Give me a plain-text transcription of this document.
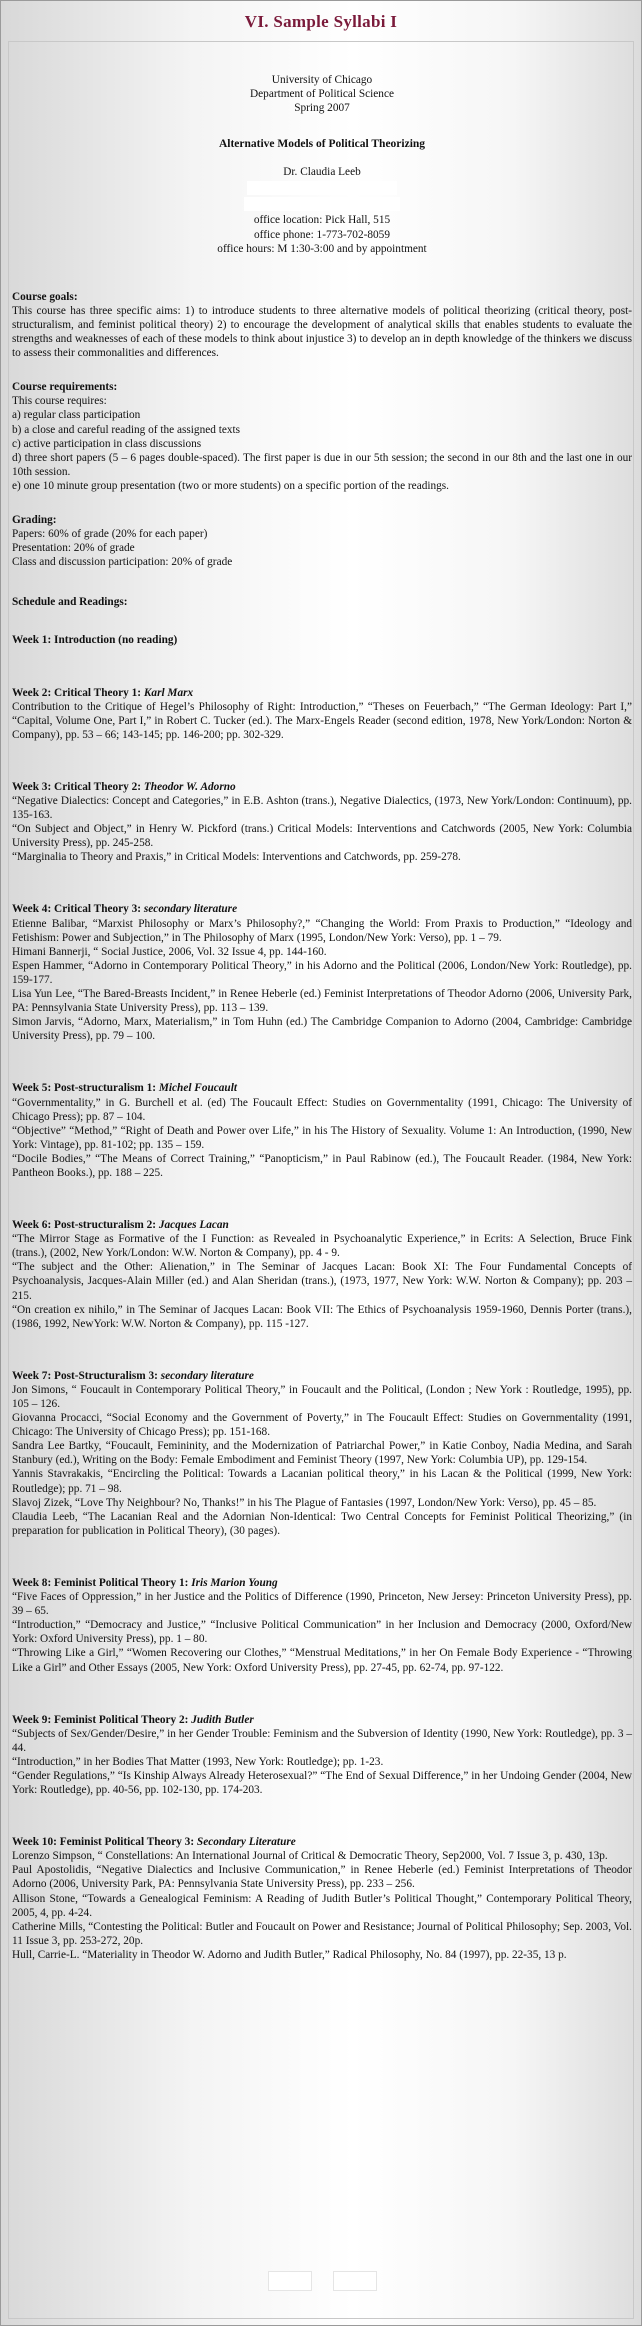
VI. Sample Syllabi I
University of Chicago
Department of Political Science
Spring 2007
Alternative Models of Political Theorizing
Dr. Claudia Leeb
office location: Pick Hall, 515
office phone: 1-773-702-8059
office hours: M 1:30-3:00 and by appointment
Course goals:

This course has three specific aims: 1) to introduce students to three alternative models of political theorizing (critical theory, post-structuralism, and feminist political theory) 2) to encourage the development of analytical skills that enables students to evaluate the strengths and weaknesses of each of these models to think about injustice 3) to develop an in depth knowledge of the thinkers we discuss to assess their commonalities and differences.

Course requirements:
This course requires:
a) regular class participation
b) a close and careful reading of the assigned texts
c) active participation in class discussions
d) three short papers (5 – 6 pages double-spaced). The first paper is due in our 5th session; the second in our 8th and the last one in our 10th session.
e) one 10 minute group presentation (two or more students) on a specific portion of the readings.
Grading:
Papers: 60% of grade (20% for each paper)
Presentation: 20% of grade
Class and discussion participation: 20% of grade
Schedule and Readings:
Week 1: Introduction (no reading)
Week 2: Critical Theory 1: Karl Marx
Contribution to the Critique of Hegel’s Philosophy of Right: Introduction,” “Theses on Feuerbach,” “The German Ideology: Part I,” “Capital, Volume One, Part I,” in Robert C. Tucker (ed.). The Marx-Engels Reader (second edition, 1978, New York/London: Norton & Company), pp. 53 – 66; 143-145; pp. 146-200; pp. 302-329.
Week 3: Critical Theory 2: Theodor W. Adorno
“Negative Dialectics: Concept and Categories,” in E.B. Ashton (trans.), Negative Dialectics, (1973, New York/London: Continuum), pp. 135-163.
“On Subject and Object,” in Henry W. Pickford (trans.) Critical Models: Interventions and Catchwords (2005, New York: Columbia University Press), pp. 245-258.
“Marginalia to Theory and Praxis,” in Critical Models: Interventions and Catchwords, pp. 259-278.
Week 4: Critical Theory 3: secondary literature
Etienne Balibar, “Marxist Philosophy or Marx’s Philosophy?,” “Changing the World: From Praxis to Production,” “Ideology and Fetishism: Power and Subjection,” in The Philosophy of Marx (1995, London/New York: Verso), pp. 1 – 79.
Himani Bannerji, “ Social Justice, 2006, Vol. 32 Issue 4, pp. 144-160.
Espen Hammer, “Adorno in Contemporary Political Theory,” in his Adorno and the Political (2006, London/New York: Routledge), pp. 159-177.
Lisa Yun Lee, “The Bared-Breasts Incident,” in Renee Heberle (ed.) Feminist Interpretations of Theodor Adorno (2006, University Park, PA: Pennsylvania State University Press), pp. 113 – 139.
Simon Jarvis, “Adorno, Marx, Materialism,” in Tom Huhn (ed.) The Cambridge Companion to Adorno (2004, Cambridge: Cambridge University Press), pp. 79 – 100.
Week 5: Post-structuralism 1: Michel Foucault
“Governmentality,” in G. Burchell et al. (ed) The Foucault Effect: Studies on Governmentality (1991, Chicago: The University of Chicago Press); pp. 87 – 104.
“Objective” “Method,” “Right of Death and Power over Life,” in his The History of Sexuality. Volume 1: An Introduction, (1990, New York: Vintage), pp. 81-102; pp. 135 – 159.
“Docile Bodies,” “The Means of Correct Training,” “Panopticism,” in Paul Rabinow (ed.), The Foucault Reader. (1984, New York: Pantheon Books.), pp. 188 – 225.
Week 6: Post-structuralism 2: Jacques Lacan
“The Mirror Stage as Formative of the I Function: as Revealed in Psychoanalytic Experience,” in Ecrits: A Selection, Bruce Fink (trans.), (2002, New York/London: W.W. Norton & Company), pp. 4 - 9.
“The subject and the Other: Alienation,” in The Seminar of Jacques Lacan: Book XI: The Four Fundamental Concepts of Psychoanalysis, Jacques-Alain Miller (ed.) and Alan Sheridan (trans.), (1973, 1977, New York: W.W. Norton & Company); pp. 203 – 215.
“On creation ex nihilo,” in The Seminar of Jacques Lacan: Book VII: The Ethics of Psychoanalysis 1959-1960, Dennis Porter (trans.), (1986, 1992, NewYork: W.W. Norton & Company), pp. 115 -127.
Week 7: Post-Structuralism 3: secondary literature
Jon Simons, “ Foucault in Contemporary Political Theory,” in Foucault and the Political, (London ; New York : Routledge, 1995), pp. 105 – 126.
Giovanna Procacci, “Social Economy and the Government of Poverty,” in The Foucault Effect: Studies on Governmentality (1991, Chicago: The University of Chicago Press); pp. 151-168.
Sandra Lee Bartky, “Foucault, Femininity, and the Modernization of Patriarchal Power,” in Katie Conboy, Nadia Medina, and Sarah Stanbury (ed.), Writing on the Body: Female Embodiment and Feminist Theory (1997, New York: Columbia UP), pp. 129-154.
Yannis Stavrakakis, “Encircling the Political: Towards a Lacanian political theory,” in his Lacan & the Political (1999, New York: Routledge); pp. 71 – 98.
Slavoj Zizek, “Love Thy Neighbour? No, Thanks!” in his The Plague of Fantasies (1997, London/New York: Verso), pp. 45 – 85.
Claudia Leeb, “The Lacanian Real and the Adornian Non-Identical: Two Central Concepts for Feminist Political Theorizing,” (in preparation for publication in Political Theory), (30 pages).
Week 8: Feminist Political Theory 1: Iris Marion Young
“Five Faces of Oppression,” in her Justice and the Politics of Difference (1990, Princeton, New Jersey: Princeton University Press), pp. 39 – 65.
“Introduction,” “Democracy and Justice,” “Inclusive Political Communication” in her Inclusion and Democracy (2000, Oxford/New York: Oxford University Press), pp. 1 – 80.
“Throwing Like a Girl,” “Women Recovering our Clothes,” “Menstrual Meditations,” in her On Female Body Experience - “Throwing Like a Girl” and Other Essays (2005, New York: Oxford University Press), pp. 27-45, pp. 62-74, pp. 97-122.
Week 9: Feminist Political Theory 2: Judith Butler
“Subjects of Sex/Gender/Desire,” in her Gender Trouble: Feminism and the Subversion of Identity (1990, New York: Routledge), pp. 3 – 44.
“Introduction,” in her Bodies That Matter (1993, New York: Routledge); pp. 1-23.
“Gender Regulations,” “Is Kinship Always Already Heterosexual?” “The End of Sexual Difference,” in her Undoing Gender (2004, New York: Routledge), pp. 40-56, pp. 102-130, pp. 174-203.
Week 10: Feminist Political Theory 3: Secondary Literature
Lorenzo Simpson, “ Constellations: An International Journal of Critical & Democratic Theory, Sep2000, Vol. 7 Issue 3, p. 430, 13p.
Paul Apostolidis, “Negative Dialectics and Inclusive Communication,” in Renee Heberle (ed.) Feminist Interpretations of Theodor Adorno (2006, University Park, PA: Pennsylvania State University Press), pp. 233 – 256.
Allison Stone, “Towards a Genealogical Feminism: A Reading of Judith Butler’s Political Thought,” Contemporary Political Theory, 2005, 4, pp. 4-24.
Catherine Mills, “Contesting the Political: Butler and Foucault on Power and Resistance; Journal of Political Philosophy; Sep. 2003, Vol. 11 Issue 3, pp. 253-272, 20p.
Hull, Carrie-L. “Materiality in Theodor W. Adorno and Judith Butler,” Radical Philosophy, No. 84 (1997), pp. 22-35, 13 p.
